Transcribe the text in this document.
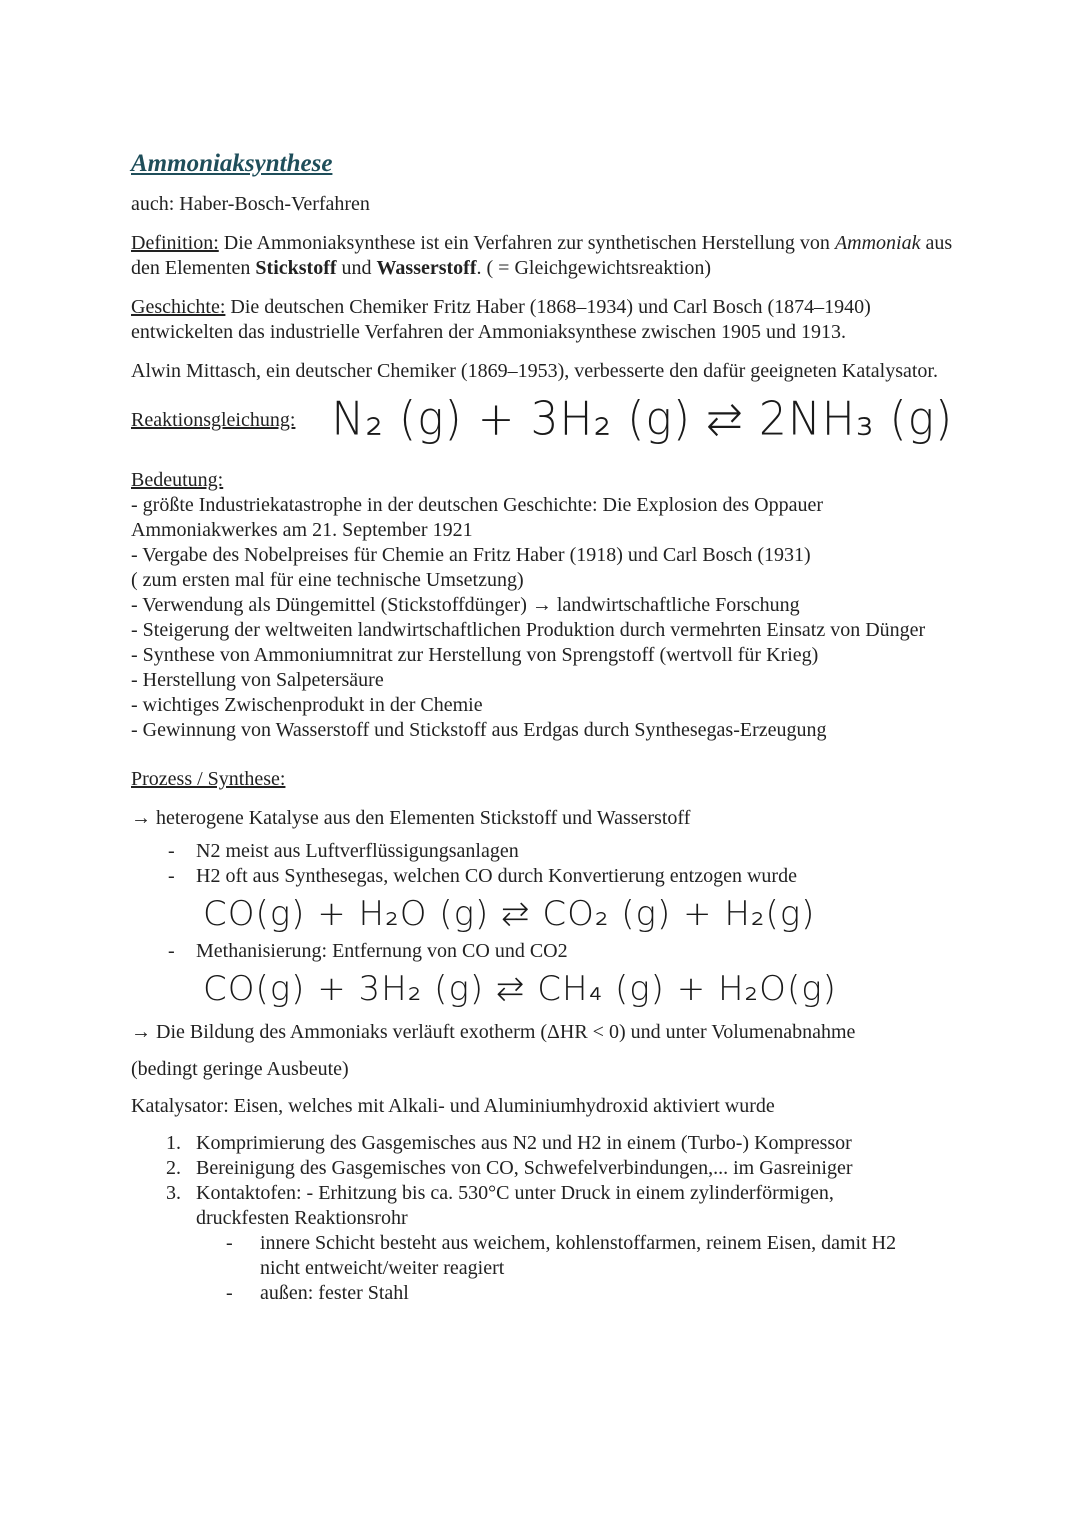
Ammoniaksynthese
auch: Haber-Bosch-Verfahren
Definition: Die Ammoniaksynthese ist ein Verfahren zur synthetischen Herstellung von Ammoniak aus den Elementen Stickstoff und Wasserstoff. ( = Gleichgewichtsreaktion)
Geschichte: Die deutschen Chemiker Fritz Haber (1868–1934) und Carl Bosch (1874–1940) entwickelten das industrielle Verfahren der Ammoniaksynthese zwischen 1905 und 1913.
Alwin Mittasch, ein deutscher Chemiker (1869–1953), verbesserte den dafür geeigneten Katalysator.
Reaktionsgleichung: N₂ (g) + 3H₂ (g) ⇄ 2NH₃ (g)
Bedeutung:
- größte Industriekatastrophe in der deutschen Geschichte: Die Explosion des Oppauer Ammoniakwerkes am 21. September 1921
- Vergabe des Nobelpreises für Chemie an Fritz Haber (1918) und Carl Bosch (1931)
( zum ersten mal für eine technische Umsetzung)
- Verwendung als Düngemittel (Stickstoffdünger) → landwirtschaftliche Forschung
- Steigerung der weltweiten landwirtschaftlichen Produktion durch vermehrten Einsatz von Dünger
- Synthese von Ammoniumnitrat zur Herstellung von Sprengstoff (wertvoll für Krieg)
- Herstellung von Salpetersäure
- wichtiges Zwischenprodukt in der Chemie
- Gewinnung von Wasserstoff und Stickstoff aus Erdgas durch Synthesegas-Erzeugung
Prozess / Synthese:
→ heterogene Katalyse aus den Elementen Stickstoff und Wasserstoff
-	N2 meist aus Luftverflüssigungsanlagen
-	H2 oft aus Synthesegas, welchen CO durch Konvertierung entzogen wurde
CO(g) + H₂O (g) ⇄ CO₂ (g) + H₂(g)
-	Methanisierung: Entfernung von CO und CO2
CO(g) + 3H₂ (g) ⇄ CH₄ (g) + H₂O(g)
→ Die Bildung des Ammoniaks verläuft exotherm (ΔHR < 0) und unter Volumenabnahme
(bedingt geringe Ausbeute)
Katalysator: Eisen, welches mit Alkali- und Aluminiumhydroxid aktiviert wurde
1. Komprimierung des Gasgemisches aus N2 und H2 in einem (Turbo-) Kompressor
2. Bereinigung des Gasgemisches von CO, Schwefelverbindungen,... im Gasreiniger
3. Kontaktofen: - Erhitzung bis ca. 530°C unter Druck in einem zylinderförmigen, druckfesten Reaktionsrohr
-	innere Schicht besteht aus weichem, kohlenstoffarmen, reinem Eisen, damit H2 nicht entweicht/weiter reagiert
-	außen: fester Stahl
